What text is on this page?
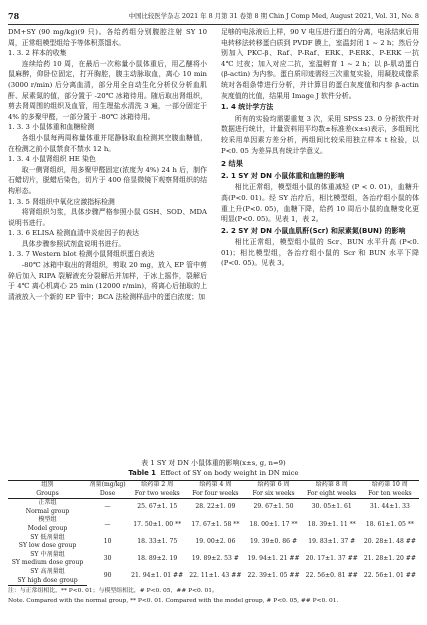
78	中国比较医学杂志 2021 年 8 月第 31 卷第 8 期 Chin J Comp Med, August 2021, Vol. 31, No. 8

DM+SY (90 mg/kg)(9 只)。各给药组分别腹腔注射 SY 10 周，正常组模型组给予等体积蒸馏水。

1. 3. 2 样本的收集

连续给药 10 周，在最后一次称量小鼠体重后，用乙醚将小鼠麻醉，仰卧位固定，打开胸腔，腹主动脉取血，离心 10 min (3000 r/min) 后分离血清，部分用全自动生化分析仪分析血肌酐、尿素氮的值，部分置于 -20℃ 冰箱待用。随后取出肾组织，剪去肾周围的组织及血管，用生理盐水清洗 3 遍，一部分固定于 4% 的多聚甲醛，一部分置于 -80℃ 冰箱待用。

1. 3. 3 小鼠体重和血糖检测

各组小鼠每两周称量体重并尾静脉取血检测其空腹血糖值，在检测之前小鼠禁食不禁水 12 h。

1. 3. 4 小鼠肾组织 HE 染色

取一侧肾组织，用多聚甲醛固定(浓度为 4%) 24 h 后，制作石蜡切片，脱蜡后染色，切片于 400 倍显微镜下观察肾组织的结构形态。

1. 3. 5 肾组织中氧化应激指标检测

将肾组织匀浆，具体步骤严格参照小鼠 GSH、SOD、MDA 说明书进行。

1. 3. 6 ELISA 检测血清中炎症因子的表达

具体步骤参照试剂盒说明书进行。

1. 3. 7 Western blot 检测小鼠肾组织蛋白表达

-80℃ 冰箱中取出的肾组织，剪取 20 mg，放入 EP 管中剪碎后加入 RIPA 裂解液充分裂解后并加样，于冰上摇作，裂解后于 4℃ 离心机离心 25 min (12000 r/min)，将离心后抽取的上清液放入一个新的 EP 管中；BCA 法检测样品中的蛋白浓度；加

足够的电泳液后上样，90 V 电压进行蛋白的分离，电泳结束后用电转移法转移蛋白质到 PVDF 膜上，室温封闭 1 ~ 2 h；然后分别加入 PKC-β、Raf、P-Raf、ERK、P-ERK、P-ERK 一抗 4℃ 过夜；加入对应二抗，室温孵育 1 ~ 2 h；以 β-肌动蛋白 (β-actin) 为内参。蛋白质印迹需经三次重复实验，用凝胶成像系统对各组条带进行分析，并计算目的蛋白灰度值和内参 β-actin 灰度值的比值，结果用 Image J 软件分析。

1. 4 统计学方法

所有的实验均需要重复 3 次，采用 SPSS 23. 0 分析软件对数据进行统计，计量资料用平均数±标准差(x±s)表示，多组间比较采用单因素方差分析，两组间比较采用独立样本 t 检验，以 P<0. 05 为差异具有统计学意义。

2 结果
2. 1 SY 对 DN 小鼠体重和血糖的影响

相比正常组，模型组小鼠的体重减轻 (P < 0. 01)，血糖升高(P<0. 01)。经 SY 治疗后，相比模型组，各治疗组小鼠的体重上升(P<0. 05)，血糖下降，给药 10 周后小鼠的血糖变化更明显(P<0. 05)。见表 1，表 2。

2. 2 SY 对 DN 小鼠血肌酐(Scr) 和尿素氮(BUN) 的影响

相比正常组，模型组小鼠的 Scr、BUN 水平升高 (P<0. 01)；相比模型组，各治疗组小鼠的 Scr 和 BUN 水平下降(P<0. 05)。见表 3。

表 1 SY 对 DN 小鼠体重的影响(x±s, g, n=9)
Table 1 Effect of SY on body weight in DN mice
组别	剂量(mg/kg)	给药第 2 周	给药第 4 周	给药第 6 周	给药第 8 周	给药第 10 周
Groups	Dose	For two weeks	For four weeks	For six weeks	For eight weeks	For ten weeks
正常组	—	25. 67±1. 15	28. 22±1. 09	29. 67±1. 50	30. 05±1. 61	31. 44±1. 33
Normal group						
模型组	—	17. 50±1. 00 **	17. 67±1. 58 **	18. 00±1. 17 **	18. 39±1. 11 **	18. 61±1. 05 **
Model group						
SY 低剂量组	10	18. 33±1. 75	19. 00±2. 06	19. 39±0. 86 #	19. 83±1. 37 #	20. 28±1. 48 ##
SY low dose group						
SY 中剂量组	30	18. 89±2. 19	19. 89±2. 53 #	19. 94±1. 21 ##	20. 17±1. 37 ##	21. 28±1. 20 ##
SY medium dose group						
SY 高剂量组	90	21. 94±1. 01 ##	22. 11±1. 43 ##	22. 39±1. 05 ##	22. 56±0. 81 ##	22. 56±1. 01 ##
SY high dose group						
注：与正常组相比，** P<0. 01；与模型组相比，# P<0. 05，## P<0. 01。
Note. Compared with the normal group, ** P<0. 01. Compared with the model group, # P<0. 05, ## P<0. 01.
